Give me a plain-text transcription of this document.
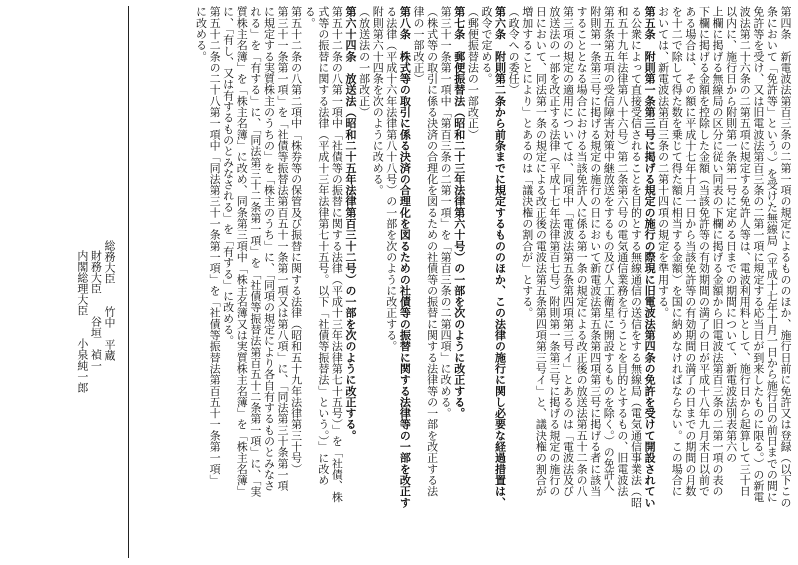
第四条　新電波法第百三条の二第一項の規定によるもののほか、施行日前に免許又は登録（以下この
条において「免許等」という。）を受けた無線局（平成十七年十月一日から施行日の前日までの間に
免許等を受け、又は旧電波法第百三条の二第一項に規定する応当日が到来したものに限る。）の新電
波法第二十六条の二第五項に規定する免許人等は、電波利用料として、施行日から起算して三十日
以内に、施行日から附則第一条第一号に定める日までの期間について、新電波法別表第六の
上欄に掲げる無線局の区分に従い同表の下欄に掲げる金額から旧電波法第百三条の二第一項の表の
下欄に掲げる金額を控除した金額（当該免許等の有効期間の満了の日が平成十八年九月末日以前で
ある場合は、その額に平成十七年十月一日から当該免許等の有効期間の満了の日までの期間の月数
を十二で除して得た数を乗じて得た額に相当する金額）を国に納めなければならない。この場合に
おいては、新電波法第百三条の二第十四項の規定を準用する。
第五条　附則第一条第三号に掲げる規定の施行の際現に旧電波法第四条の免許を受けて開設されてい
る公衆によって直接受信されることを目的とする無線通信の送信をする無線局（電気通信事業法（昭
和五十九年法律第八十六号）第二条第六号の電気通信業務を行うことを目的とするもの、旧電波法
第五条第五項の受信障害対策中継放送をするもの及び人工衛星に開設するものを除く。）の免許人
附則第一条第三号に掲げる規定の施行の日において新電波法第五条第四項第三号に掲げる者に該当
することとなる場合における当該免許人に係る第一条の規定による改正後の放送法第五十二条の八
第三項の規定の適用については、同項中「電波法第五条第四項第三号イ」とあるのは「電波法及び
放送法の一部を改正する法律（平成十七年法律第百七号）附則第一条第三号に掲げる規定の施行の
日において、同法第一条の規定による改正後の電波法第五条第四項第三号イ」と、議決権の割合が
増加することにより」とあるのは「議決権の割合が」とする。
（政令への委任）
第六条　附則第二条から前条までに規定するもののほか、この法律の施行に関し必要な経過措置は、
政令で定める。
（郵便振替法の一部改正）
第七条　郵便振替法（昭和二十三年法律第六十号）の一部を次のように改正する。
第三十一条第一項中「第百三条の二第一項」を「第百三条の二第四項」に改める。
（株式等の取引に係る決済の合理化を図るための社債等の振替に関する法律等の一部を改正する法
律の一部改正）
第八条　株式等の取引に係る決済の合理化を図るための社債等の振替に関する法律等の一部を改正す
る法律（平成十六年法律第八十八号）の一部を次のように改正する。
附則第六十四条を次のように改める。
（放送法の一部改正）
第六十四条　放送法（昭和二十五年法律第百三十二号）の一部を次のように改正する。
第五十二条の八第一項中「社債等の振替に関する法律（平成十三年法律第七十五号）」を「社債、株
式等の振替に関する法律（平成十三年法律第七十五号。以下「社債等振替法」という。）」に改め
る。
第五十二条の八第二項中「株券等の保管及び振替に関する法律（昭和五十九年法律第三十号）
第三十一条第一項」を「社債等振替法第百五十一条第一項又は第八項」に、「同法第三十条第一項
に規定する実質株主のうちの」を「株主のうち」に、「同項の規定により各自有するものとみなさ
れる」を「有する」に、「同法第三十二条第一項」を「社債等振替法第百五十二条第一項」に、「実
質株主名簿」を「株主名簿」に改め、同条第三項中「株主名簿又は実質株主名簿」を「株主名簿」
に、「有し、又は有するものとみなされる」を「有する」に改める。
第五十二条の二十八第一項中「同法第三十一条第一項」を「社債等振替法第百五十一条第一項」
に改める。
総務大臣竹中　平蔵
財務大臣谷垣　禎一
内閣総理大臣小泉純一郎
